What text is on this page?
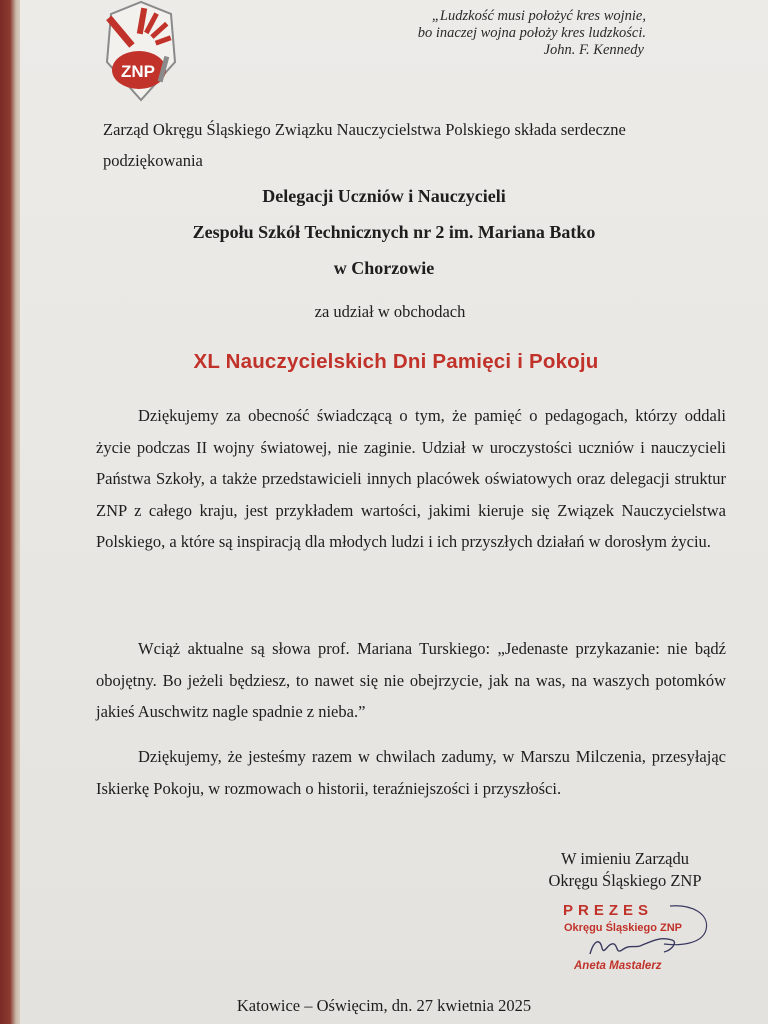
ZNP
„Ludzkość musi położyć kres wojnie,
bo inaczej wojna położy kres ludzkości.
John. F. Kennedy
Zarząd Okręgu Śląskiego Związku Nauczycielstwa Polskiego składa serdeczne
podziękowania
Delegacji Uczniów i Nauczycieli
Zespołu Szkół Technicznych nr 2 im. Mariana Batko
w Chorzowie
za udział w obchodach
XL Nauczycielskich Dni Pamięci i Pokoju
Dziękujemy za obecność świadczącą o tym, że pamięć o pedagogach, którzy oddali życie podczas II wojny światowej, nie zaginie. Udział w uroczystości uczniów i nauczycieli Państwa Szkoły, a także przedstawicieli innych placówek oświatowych oraz delegacji struktur ZNP z całego kraju, jest przykładem wartości, jakimi kieruje się Związek Nauczycielstwa Polskiego, a które są inspiracją dla młodych ludzi i ich przyszłych działań w dorosłym życiu.
Wciąż aktualne są słowa prof. Mariana Turskiego: „Jedenaste przykazanie: nie bądź obojętny. Bo jeżeli będziesz, to nawet się nie obejrzycie, jak na was, na waszych potomków jakieś Auschwitz nagle spadnie z nieba.”
Dziękujemy, że jesteśmy razem w chwilach zadumy, w Marszu Milczenia, przesyłając Iskierkę Pokoju, w rozmowach o historii, teraźniejszości i przyszłości.
W imieniu Zarządu
Okręgu Śląskiego ZNP
PREZES
Okręgu Śląskiego ZNP
Aneta Mastalerz
Katowice – Oświęcim, dn. 27 kwietnia 2025
